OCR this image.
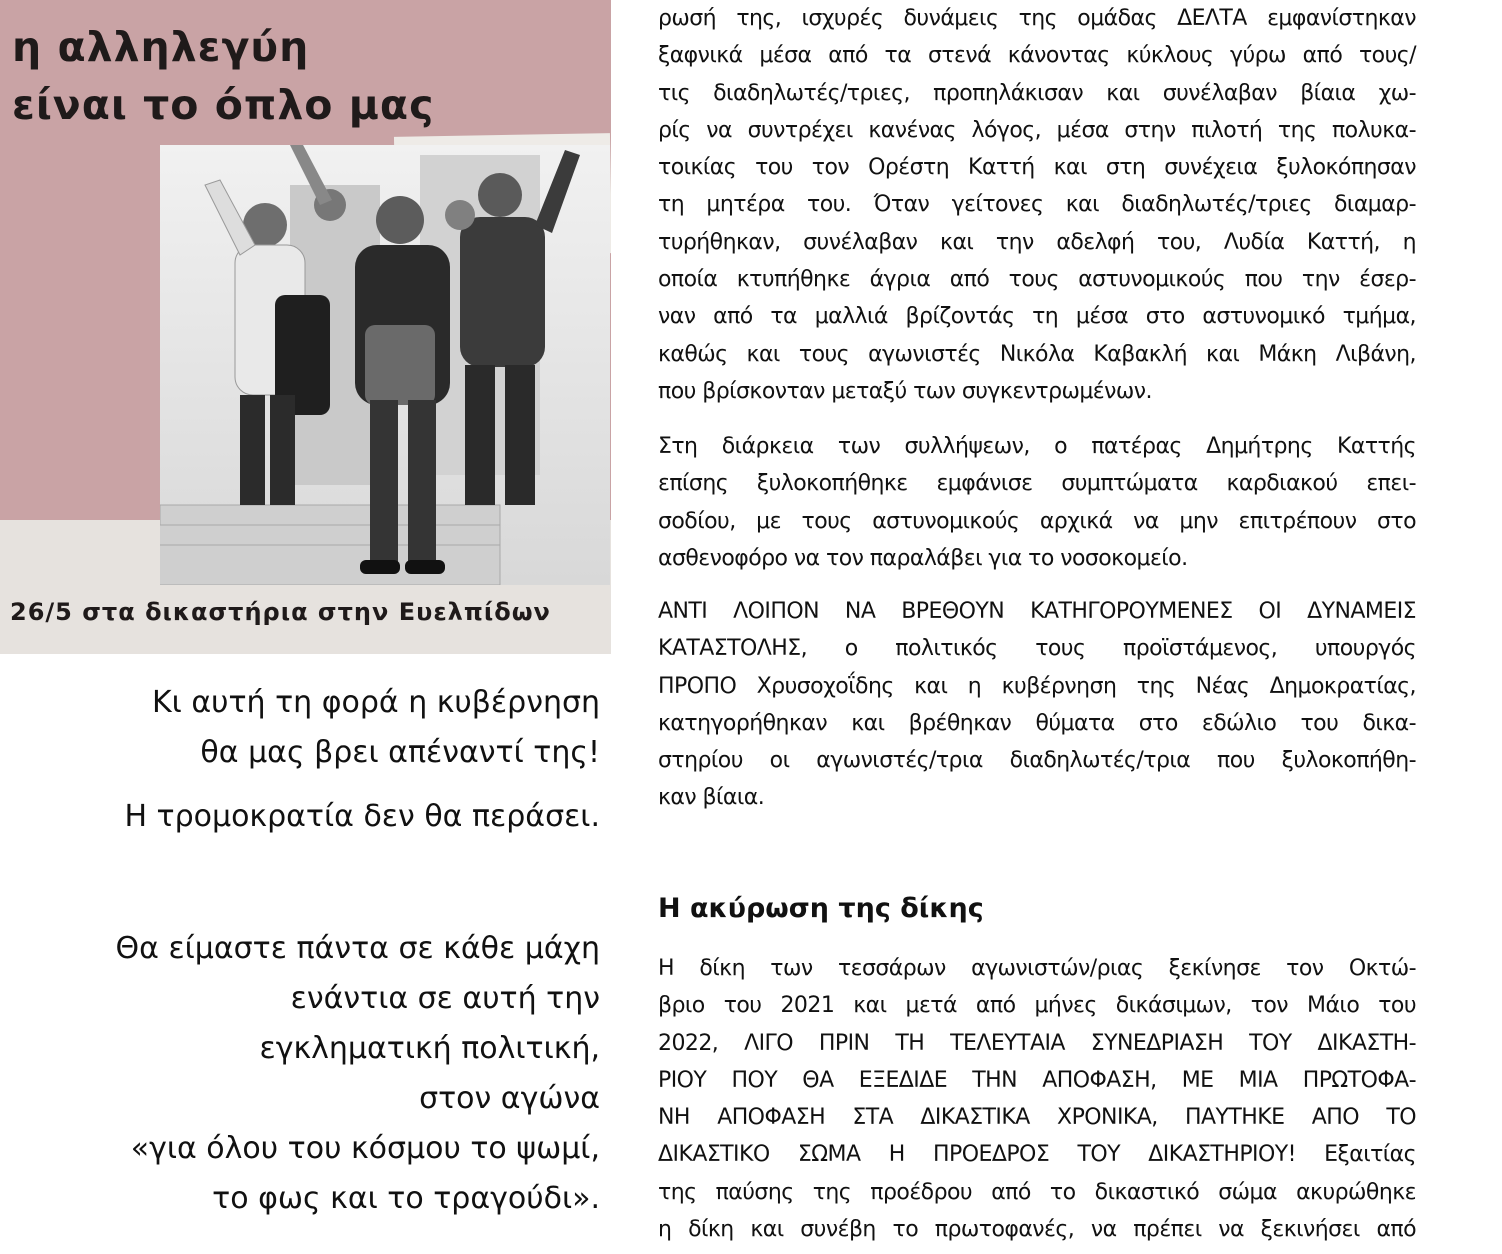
η αλληλεγύη
είναι το όπλο μας

26/5 στα δικαστήρια στην Ευελπίδων

Κι αυτή τη φορά η κυβέρνηση
θα μας βρει απέναντί της!
Η τρομοκρατία δεν θα περάσει.
Θα είμαστε πάντα σε κάθε μάχη
ενάντια σε αυτή την
εγκληματική πολιτική,
στον αγώνα
«για όλου του κόσμου το ψωμί,
το φως και το τραγούδι».

ρωσή της, ισχυρές δυνάμεις της ομάδας ΔΕΛΤΑ εμφανίστηκαν
ξαφνικά μέσα από τα στενά κάνοντας κύκλους γύρω από τους/
τις διαδηλωτές/τριες, προπηλάκισαν και συνέλαβαν βίαια χω-
ρίς να συντρέχει κανένας λόγος, μέσα στην πιλοτή της πολυκα-
τοικίας του τον Ορέστη Καττή και στη συνέχεια ξυλοκόπησαν
τη μητέρα του. Όταν γείτονες και διαδηλωτές/τριες διαμαρ-
τυρήθηκαν, συνέλαβαν και την αδελφή του, Λυδία Καττή, η
οποία κτυπήθηκε άγρια από τους αστυνομικούς που την έσερ-
ναν από τα μαλλιά βρίζοντάς τη μέσα στο αστυνομικό τμήμα,
καθώς και τους αγωνιστές Νικόλα Καβακλή και Μάκη Λιβάνη,
που βρίσκονταν μεταξύ των συγκεντρωμένων.

Στη διάρκεια των συλλήψεων, ο πατέρας Δημήτρης Καττής
επίσης ξυλοκοπήθηκε εμφάνισε συμπτώματα καρδιακού επει-
σοδίου, με τους αστυνομικούς αρχικά να μην επιτρέπουν στο
ασθενοφόρο να τον παραλάβει για το νοσοκομείο.

ΑΝΤΙ ΛΟΙΠΟΝ ΝΑ ΒΡΕΘΟΥΝ ΚΑΤΗΓΟΡΟΥΜΕΝΕΣ ΟΙ ΔΥΝΑΜΕΙΣ
ΚΑΤΑΣΤΟΛΗΣ, ο πολιτικός τους προϊστάμενος, υπουργός
ΠΡΟΠΟ Χρυσοχοΐδης και η κυβέρνηση της Νέας Δημοκρατίας,
κατηγορήθηκαν και βρέθηκαν θύματα στο εδώλιο του δικα-
στηρίου οι αγωνιστές/τρια διαδηλωτές/τρια που ξυλοκοπήθη-
καν βίαια.

Η ακύρωση της δίκης

Η δίκη των τεσσάρων αγωνιστών/ριας ξεκίνησε τον Οκτώ-
βριο του 2021 και μετά από μήνες δικάσιμων, τον Μάιο του
2022, ΛΙΓΟ ΠΡΙΝ ΤΗ ΤΕΛΕΥΤΑΙΑ ΣΥΝΕΔΡΙΑΣΗ ΤΟΥ ΔΙΚΑΣΤΗ-
ΡΙΟΥ ΠΟΥ ΘΑ ΕΞΕΔΙΔΕ ΤΗΝ ΑΠΟΦΑΣΗ, ΜΕ ΜΙΑ ΠΡΩΤΟΦΑ-
ΝΗ ΑΠΟΦΑΣΗ ΣΤΑ ΔΙΚΑΣΤΙΚΑ ΧΡΟΝΙΚΑ, ΠΑΥΤΗΚΕ ΑΠΟ ΤΟ
ΔΙΚΑΣΤΙΚΟ ΣΩΜΑ Η ΠΡΟΕΔΡΟΣ ΤΟΥ ΔΙΚΑΣΤΗΡΙΟΥ! Εξαιτίας
της παύσης της προέδρου από το δικαστικό σώμα ακυρώθηκε
η δίκη και συνέβη το πρωτοφανές, να πρέπει να ξεκινήσει από
